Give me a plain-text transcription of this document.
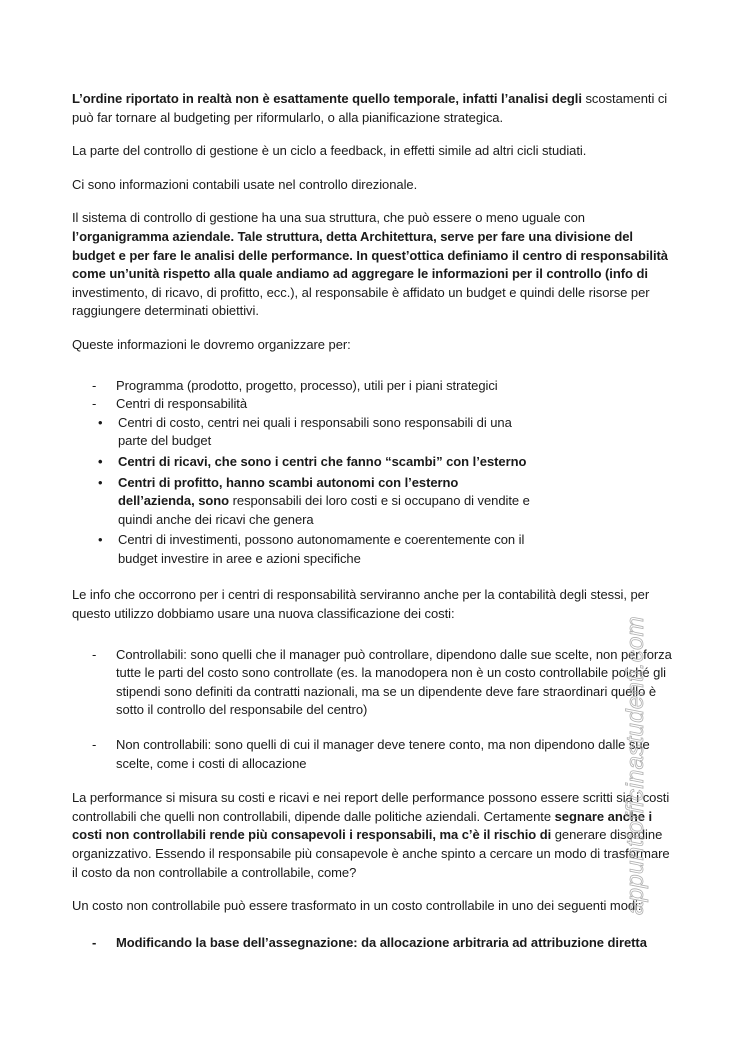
L’ordine riportato in realtà non è esattamente quello temporale, infatti l’analisi degli scostamenti ci può far tornare al budgeting per riformularlo, o alla pianificazione strategica.

La parte del controllo di gestione è un ciclo a feedback, in effetti simile ad altri cicli studiati.

Ci sono informazioni contabili usate nel controllo direzionale.

Il sistema di controllo di gestione ha una sua struttura, che può essere o meno uguale con l’organigramma aziendale. Tale struttura, detta Architettura, serve per fare una divisione del budget e per fare le analisi delle performance. In quest’ottica definiamo il centro di responsabilità come un’unità rispetto alla quale andiamo ad aggregare le informazioni per il controllo (info di investimento, di ricavo, di profitto, ecc.), al responsabile è affidato un budget e quindi delle risorse per raggiungere determinati obiettivi.

Queste informazioni le dovremo organizzare per:

- Programma (prodotto, progetto, processo), utili per i piani strategici
- Centri di responsabilità
• Centri di costo, centri nei quali i responsabili sono responsabili di una parte del budget
• Centri di ricavi, che sono i centri che fanno “scambi” con l’esterno
• Centri di profitto, hanno scambi autonomi con l’esterno dell’azienda, sono responsabili dei loro costi e si occupano di vendite e quindi anche dei ricavi che genera
• Centri di investimenti, possono autonomamente e coerentemente con il budget investire in aree e azioni specifiche

Le info che occorrono per i centri di responsabilità serviranno anche per la contabilità degli stessi, per questo utilizzo dobbiamo usare una nuova classificazione dei costi:

- Controllabili: sono quelli che il manager può controllare, dipendono dalle sue scelte, non per forza tutte le parti del costo sono controllate (es. la manodopera non è un costo controllabile poiché gli stipendi sono definiti da contratti nazionali, ma se un dipendente deve fare straordinari quello è sotto il controllo del responsabile del centro)
- Non controllabili: sono quelli di cui il manager deve tenere conto, ma non dipendono dalle sue scelte, come i costi di allocazione

La performance si misura su costi e ricavi e nei report delle performance possono essere scritti sia i costi controllabili che quelli non controllabili, dipende dalle politiche aziendali. Certamente segnare anche i costi non controllabili rende più consapevoli i responsabili, ma c’è il rischio di generare disordine organizzativo. Essendo il responsabile più consapevole è anche spinto a cercare un modo di trasformare il costo da non controllabile a controllabile, come?

Un costo non controllabile può essere trasformato in un costo controllabile in uno dei seguenti modi:

- Modificando la base dell’assegnazione: da allocazione arbitraria ad attribuzione diretta
appuntiofficinastudenti.com
